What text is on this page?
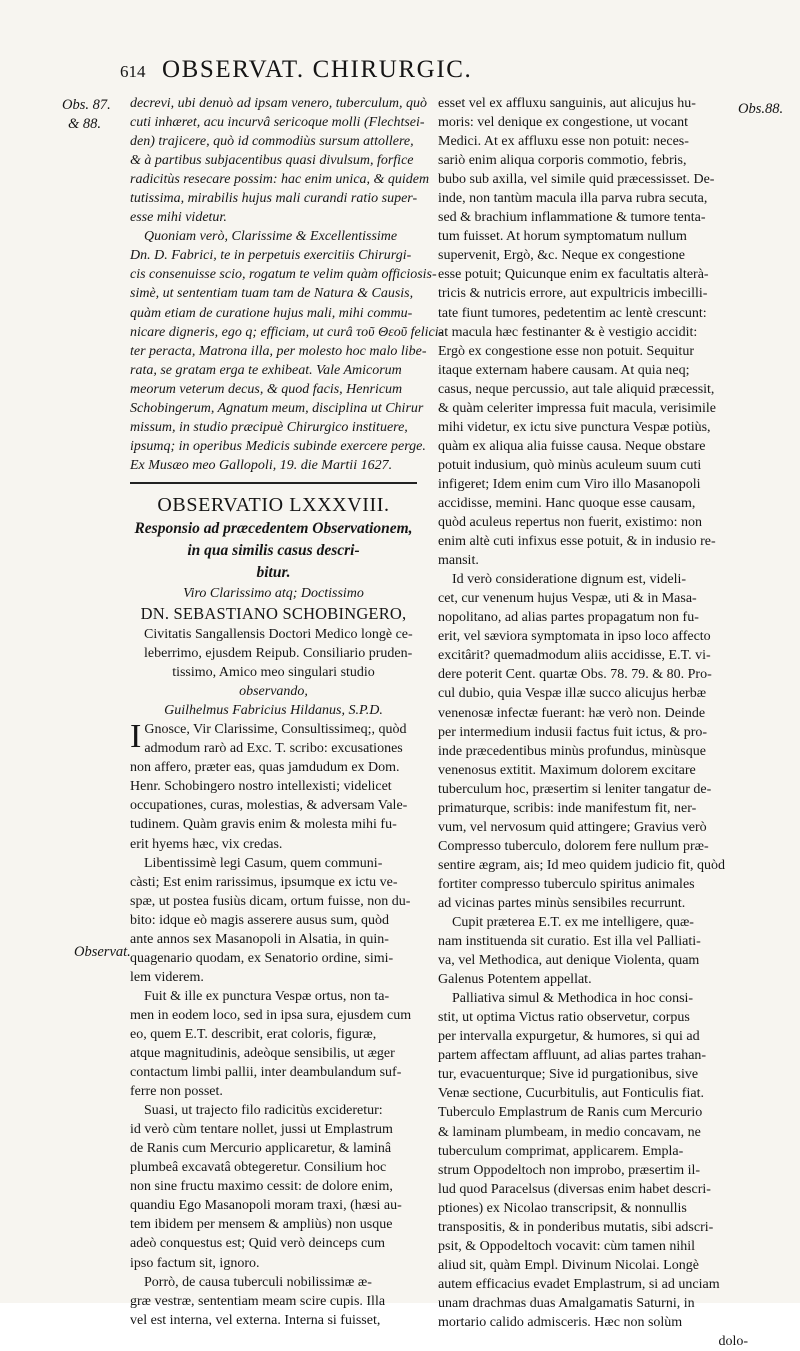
614 OBSERVAT. CHIRURGIC.
Obs. 87.
& 88.
Obs.88.
Observat.

decrevi, ubi denuò ad ipsam venero, tuberculum, quò
cuti inhæret, acu incurvâ sericoque molli (Flechtsei-
den) trajicere, quò id commodiùs sursum attollere,
& à partibus subjacentibus quasi divulsum, forfice
radicitùs resecare possim: hac enim unica, & quidem
tutissima, mirabilis hujus mali curandi ratio super-
esse mihi videtur.

Quoniam verò, Clarissime & Excellentissime
Dn. D. Fabrici, te in perpetuis exercitiis Chirurgi-
cis consenuisse scio, rogatum te velim quàm officiosis-
simè, ut sententiam tuam tam de Natura & Causis,
quàm etiam de curatione hujus mali, mihi commu-
nicare digneris, ego q; efficiam, ut curâ τοῦ Θεοῦ felici-
ter peracta, Matrona illa, per molesto hoc malo libe-
rata, se gratam erga te exhibeat. Vale Amicorum
meorum veterum decus, & quod facis, Henricum
Schobingerum, Agnatum meum, disciplina ut Chirur
missum, in studio præcipuè Chirurgico instituere,
ipsumq; in operibus Medicis subinde exercere perge.
Ex Musæo meo Gallopoli, 19. die Martii 1627.

OBSERVATIO LXXXVIII.
Responsio ad præcedentem Observationem,
in qua similis casus descri-
bitur.
Viro Clarissimo atq; Doctissimo
DN. SEBASTIANO SCHOBINGERO,
Civitatis Sangallensis Doctori Medico longè ce-
leberrimo, ejusdem Reipub. Consiliario pruden-
tissimo, Amico meo singulari studio
observando,
Guilhelmus Fabricius Hildanus, S.P.D.

I Gnosce, Vir Clarissime, Consultissimeq;, quòd
admodum rarò ad Exc. T. scribo: excusationes
non affero, præter eas, quas jamdudum ex Dom.
Henr. Schobingero nostro intellexisti; videlicet
occupationes, curas, molestias, & adversam Vale-
tudinem. Quàm gravis enim & molesta mihi fu-
erit hyems hæc, vix credas.

Libentissimè legi Casum, quem communi-
càsti; Est enim rarissimus, ipsumque ex ictu ve-
spæ, ut postea fusiùs dicam, ortum fuisse, non du-
bito: idque eò magis asserere ausus sum, quòd
ante annos sex Masanopoli in Alsatia, in quin-
quagenario quodam, ex Senatorio ordine, simi-
lem viderem.

Fuit & ille ex punctura Vespæ ortus, non ta-
men in eodem loco, sed in ipsa sura, ejusdem cum
eo, quem E.T. describit, erat coloris, figuræ,
atque magnitudinis, adeòque sensibilis, ut æger
contactum limbi pallii, inter deambulandum suf-
ferre non posset.

Suasi, ut trajecto filo radicitùs excideretur:
id verò cùm tentare nollet, jussi ut Emplastrum
de Ranis cum Mercurio applicaretur, & laminâ
plumbeâ excavatâ obtegeretur. Consilium hoc
non sine fructu maximo cessit: de dolore enim,
quandiu Ego Masanopoli moram traxi, (hæsi au-
tem ibidem per mensem & ampliùs) non usque
adeò conquestus est; Quid verò deinceps cum
ipso factum sit, ignoro.

Porrò, de causa tuberculi nobilissimæ æ-
græ vestræ, sententiam meam scire cupis. Illa
vel est interna, vel externa. Interna si fuisset,

esset vel ex affluxu sanguinis, aut alicujus hu-
moris: vel denique ex congestione, ut vocant
Medici. At ex affluxu esse non potuit: neces-
sariò enim aliqua corporis commotio, febris,
bubo sub axilla, vel simile quid præcessisset. De-
inde, non tantùm macula illa parva rubra secuta,
sed & brachium inflammatione & tumore tenta-
tum fuisset. At horum symptomatum nullum
supervenit, Ergò, &c. Neque ex congestione
esse potuit; Quicunque enim ex facultatis alterà-
tricis & nutricis errore, aut expultricis imbecilli-
tate fiunt tumores, pedetentim ac lentè crescunt:
at macula hæc festinanter & è vestigio accidit:
Ergò ex congestione esse non potuit. Sequitur
itaque externam habere causam. At quia neq;
casus, neque percussio, aut tale aliquid præcessit,
& quàm celeriter impressa fuit macula, verisimile
mihi videtur, ex ictu sive punctura Vespæ potiùs,
quàm ex aliqua alia fuisse causa. Neque obstare
potuit indusium, quò minùs aculeum suum cuti
infigeret; Idem enim cum Viro illo Masanopoli
accidisse, memini. Hanc quoque esse causam,
quòd aculeus repertus non fuerit, existimo: non
enim altè cuti infixus esse potuit, & in indusio re-
mansit.

Id verò consideratione dignum est, videli-
cet, cur venenum hujus Vespæ, uti & in Masa-
nopolitano, ad alias partes propagatum non fu-
erit, vel sæviora symptomata in ipso loco affecto
excitârit? quemadmodum aliis accidisse, E.T. vi-
dere poterit Cent. quartæ Obs. 78. 79. & 80. Pro-
cul dubio, quia Vespæ illæ succo alicujus herbæ
venenosæ infectæ fuerant: hæ verò non. Deinde
per intermedium indusii factus fuit ictus, & pro-
inde præcedentibus minùs profundus, minùsque
venenosus extitit. Maximum dolorem excitare
tuberculum hoc, præsertim si leniter tangatur de-
primaturque, scribis: inde manifestum fit, ner-
vum, vel nervosum quid attingere; Gravius verò
Compresso tuberculo, dolorem fere nullum præ-
sentire ægram, ais; Id meo quidem judicio fit, quòd
fortiter compresso tuberculo spiritus animales
ad vicinas partes minùs sensibiles recurrunt.

Cupit præterea E.T. ex me intelligere, quæ-
nam instituenda sit curatio. Est illa vel Palliati-
va, vel Methodica, aut denique Violenta, quam
Galenus Potentem appellat.

Palliativa simul & Methodica in hoc consi-
stit, ut optima Victus ratio observetur, corpus
per intervalla expurgetur, & humores, si qui ad
partem affectam affluunt, ad alias partes trahan-
tur, evacuenturque; Sive id purgationibus, sive
Venæ sectione, Cucurbitulis, aut Fonticulis fiat.
Tuberculo Emplastrum de Ranis cum Mercurio
& laminam plumbeam, in medio concavam, ne
tuberculum comprimat, applicarem. Empla-
strum Oppodeltoch non improbo, præsertim il-
lud quod Paracelsus (diversas enim habet descri-
ptiones) ex Nicolao transcripsit, & nonnullis
transpositis, & in ponderibus mutatis, sibi adscri-
psit, & Oppodeltoch vocavit: cùm tamen nihil
aliud sit, quàm Empl. Divinum Nicolai. Longè
autem efficacius evadet Emplastrum, si ad unciam
unam drachmas duas Amalgamatis Saturni, in
mortario calido admisceris. Hæc non solùm
dolo-
